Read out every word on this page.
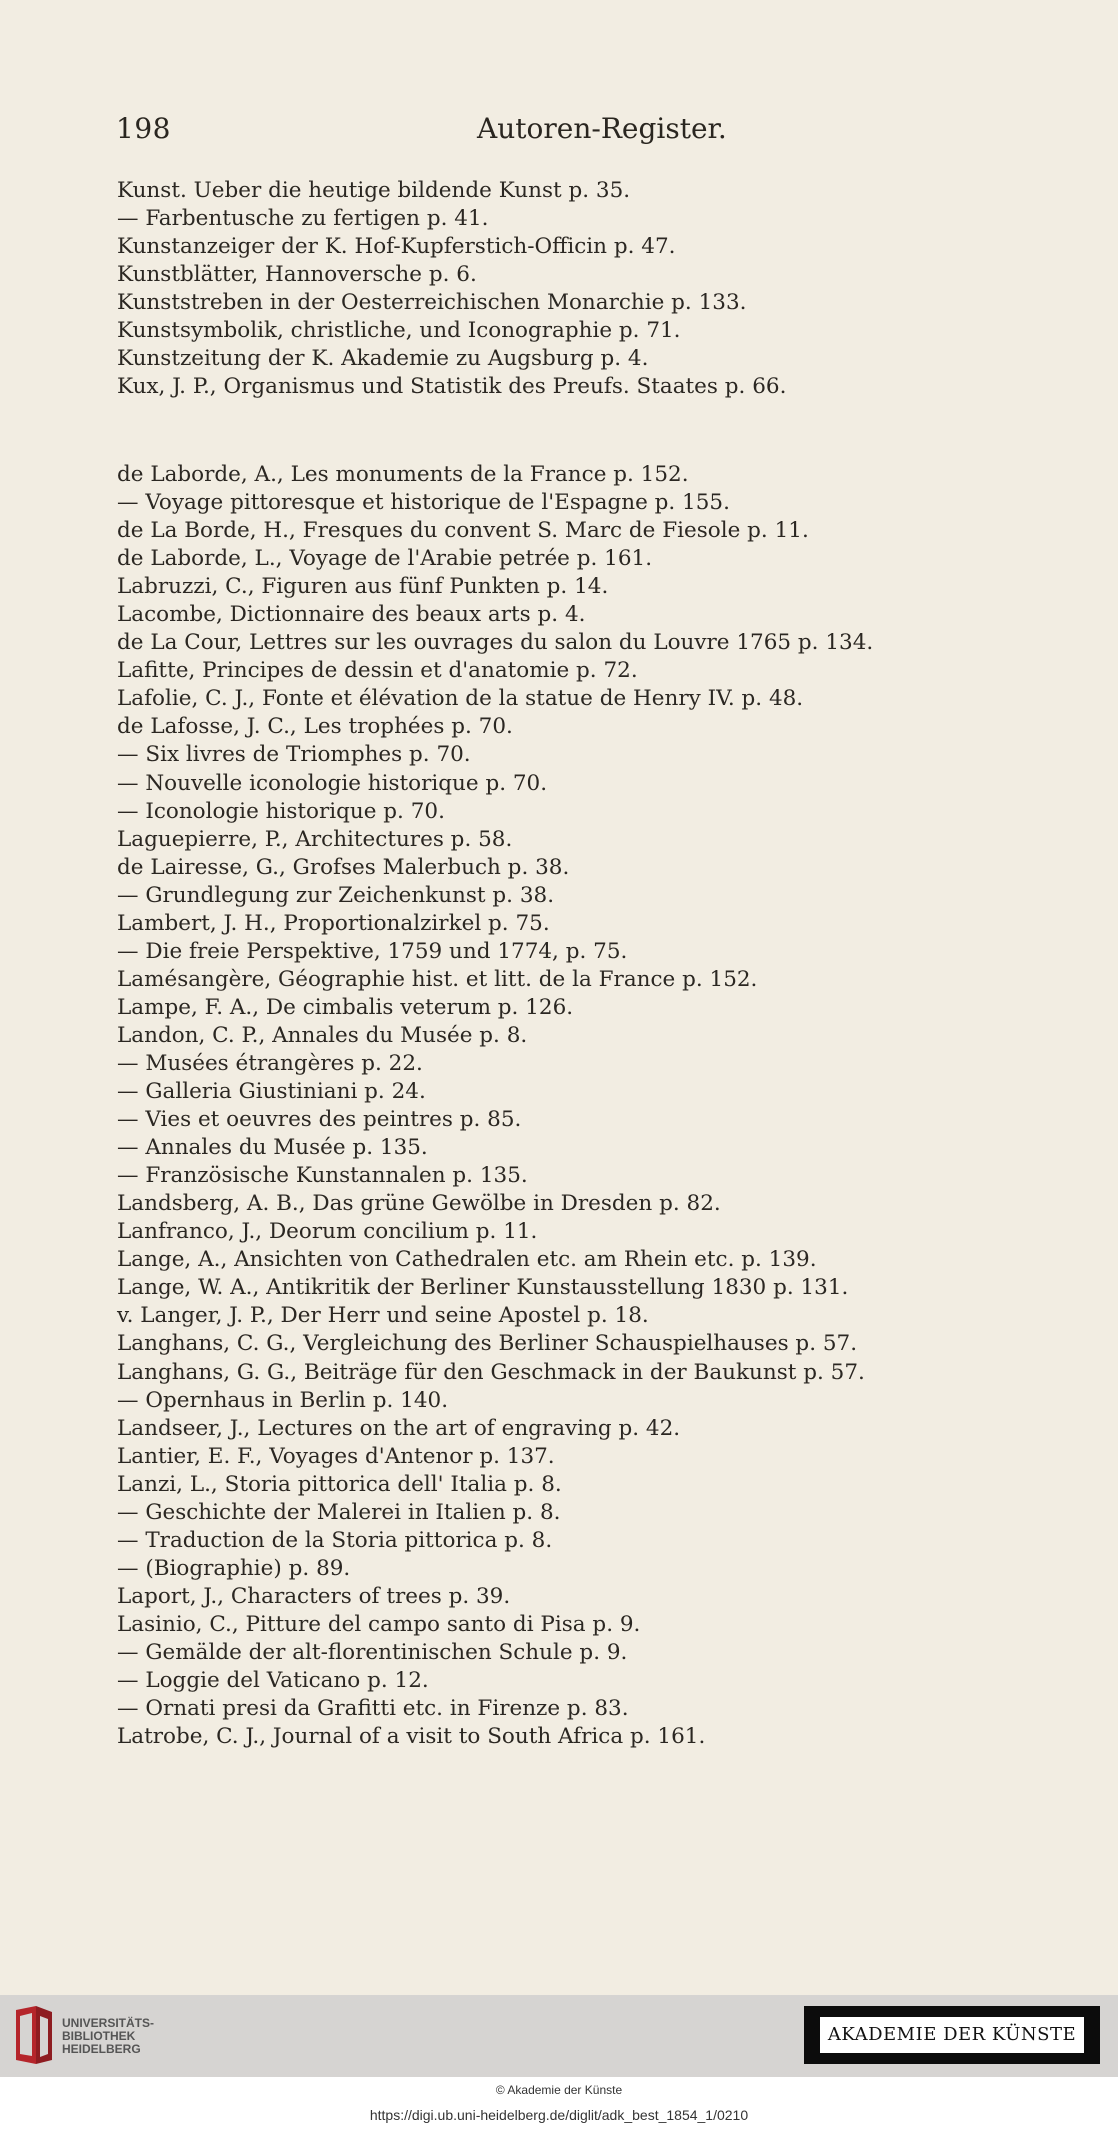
198	Autoren-Register.
Kunst. Ueber die heutige bildende Kunst p. 35.
— Farbentusche zu fertigen p. 41.
Kunstanzeiger der K. Hof-Kupferstich-Officin p. 47.
Kunstblätter, Hannoversche p. 6.
Kunststreben in der Oesterreichischen Monarchie p. 133.
Kunstsymbolik, christliche, und Iconographie p. 71.
Kunstzeitung der K. Akademie zu Augsburg p. 4.
Kux, J. P., Organismus und Statistik des Preufs. Staates p. 66.
de Laborde, A., Les monuments de la France p. 152.
— Voyage pittoresque et historique de l'Espagne p. 155.
de La Borde, H., Fresques du convent S. Marc de Fiesole p. 11.
de Laborde, L., Voyage de l'Arabie petrée p. 161.
Labruzzi, C., Figuren aus fünf Punkten p. 14.
Lacombe, Dictionnaire des beaux arts p. 4.
de La Cour, Lettres sur les ouvrages du salon du Louvre 1765 p. 134.
Lafitte, Principes de dessin et d'anatomie p. 72.
Lafolie, C. J., Fonte et élévation de la statue de Henry IV. p. 48.
de Lafosse, J. C., Les trophées p. 70.
— Six livres de Triomphes p. 70.
— Nouvelle iconologie historique p. 70.
— Iconologie historique p. 70.
Laguepierre, P., Architectures p. 58.
de Lairesse, G., Grofses Malerbuch p. 38.
— Grundlegung zur Zeichenkunst p. 38.
Lambert, J. H., Proportionalzirkel p. 75.
— Die freie Perspektive, 1759 und 1774, p. 75.
Lamésangère, Géographie hist. et litt. de la France p. 152.
Lampe, F. A., De cimbalis veterum p. 126.
Landon, C. P., Annales du Musée p. 8.
— Musées étrangères p. 22.
— Galleria Giustiniani p. 24.
— Vies et oeuvres des peintres p. 85.
— Annales du Musée p. 135.
— Französische Kunstannalen p. 135.
Landsberg, A. B., Das grüne Gewölbe in Dresden p. 82.
Lanfranco, J., Deorum concilium p. 11.
Lange, A., Ansichten von Cathedralen etc. am Rhein etc. p. 139.
Lange, W. A., Antikritik der Berliner Kunstausstellung 1830 p. 131.
v. Langer, J. P., Der Herr und seine Apostel p. 18.
Langhans, C. G., Vergleichung des Berliner Schauspielhauses p. 57.
Langhans, G. G., Beiträge für den Geschmack in der Baukunst p. 57.
— Opernhaus in Berlin p. 140.
Landseer, J., Lectures on the art of engraving p. 42.
Lantier, E. F., Voyages d'Antenor p. 137.
Lanzi, L., Storia pittorica dell' Italia p. 8.
— Geschichte der Malerei in Italien p. 8.
— Traduction de la Storia pittorica p. 8.
— (Biographie) p. 89.
Laport, J., Characters of trees p. 39.
Lasinio, C., Pitture del campo santo di Pisa p. 9.
— Gemälde der alt-florentinischen Schule p. 9.
— Loggie del Vaticano p. 12.
— Ornati presi da Grafitti etc. in Firenze p. 83.
Latrobe, C. J., Journal of a visit to South Africa p. 161.
UNIVERSITÄTS-
BIBLIOTHEK
HEIDELBERG
AKADEMIE DER KÜNSTE
© Akademie der Künste
https://digi.ub.uni-heidelberg.de/diglit/adk_best_1854_1/0210
